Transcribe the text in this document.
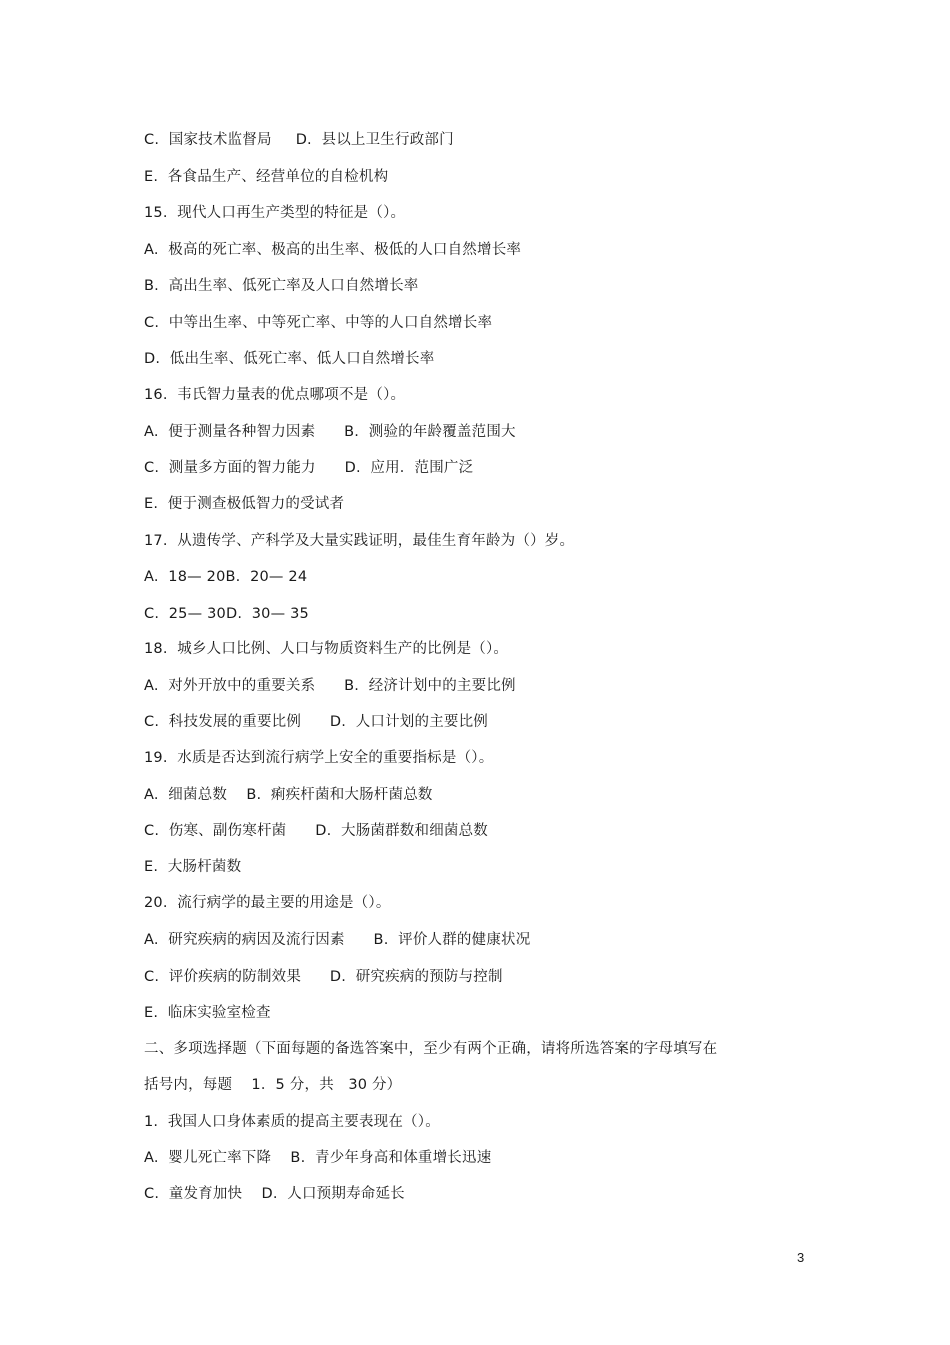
C.  国家技术监督局     D.  县以上卫生行政部门
E.  各食品生产、经营单位的自检机构
15.  现代人口再生产类型的特征是（）。
A.  极高的死亡率、极高的出生率、极低的人口自然增长率
B.  高出生率、低死亡率及人口自然增长率
C.  中等出生率、中等死亡率、中等的人口自然增长率
D.  低出生率、低死亡率、低人口自然增长率
16.  韦氏智力量表的优点哪项不是（）。
A.  便于测量各种智力因素      B.  测验的年龄覆盖范围大
C.  测量多方面的智力能力      D.  应用．范围广泛
E.  便于测查极低智力的受试者
17.  从遗传学、产科学及大量实践证明，最佳生育年龄为（）岁。
A.  18— 20B.  20— 24
C.  25— 30D.  30— 35
18.  城乡人口比例、人口与物质资料生产的比例是（）。
A.  对外开放中的重要关系      B.  经济计划中的主要比例
C.  科技发展的重要比例      D.  人口计划的主要比例
19.  水质是否达到流行病学上安全的重要指标是（）。
A.  细菌总数    B.  痢疾杆菌和大肠杆菌总数
C.  伤寒、副伤寒杆菌      D.  大肠菌群数和细菌总数
E.  大肠杆菌数
20.  流行病学的最主要的用途是（）。
A.  研究疾病的病因及流行因素      B.  评价人群的健康状况
C.  评价疾病的防制效果      D.  研究疾病的预防与控制
E.  临床实验室检查
二、多项选择题（下面每题的备选答案中，至少有两个正确，请将所选答案的字母填写在
括号内，每题    1．5 分，共   30 分）
1.  我国人口身体素质的提高主要表现在（）。
A.  婴儿死亡率下降    B.  青少年身高和体重增长迅速
C.  童发育加快    D.  人口预期寿命延长
3
